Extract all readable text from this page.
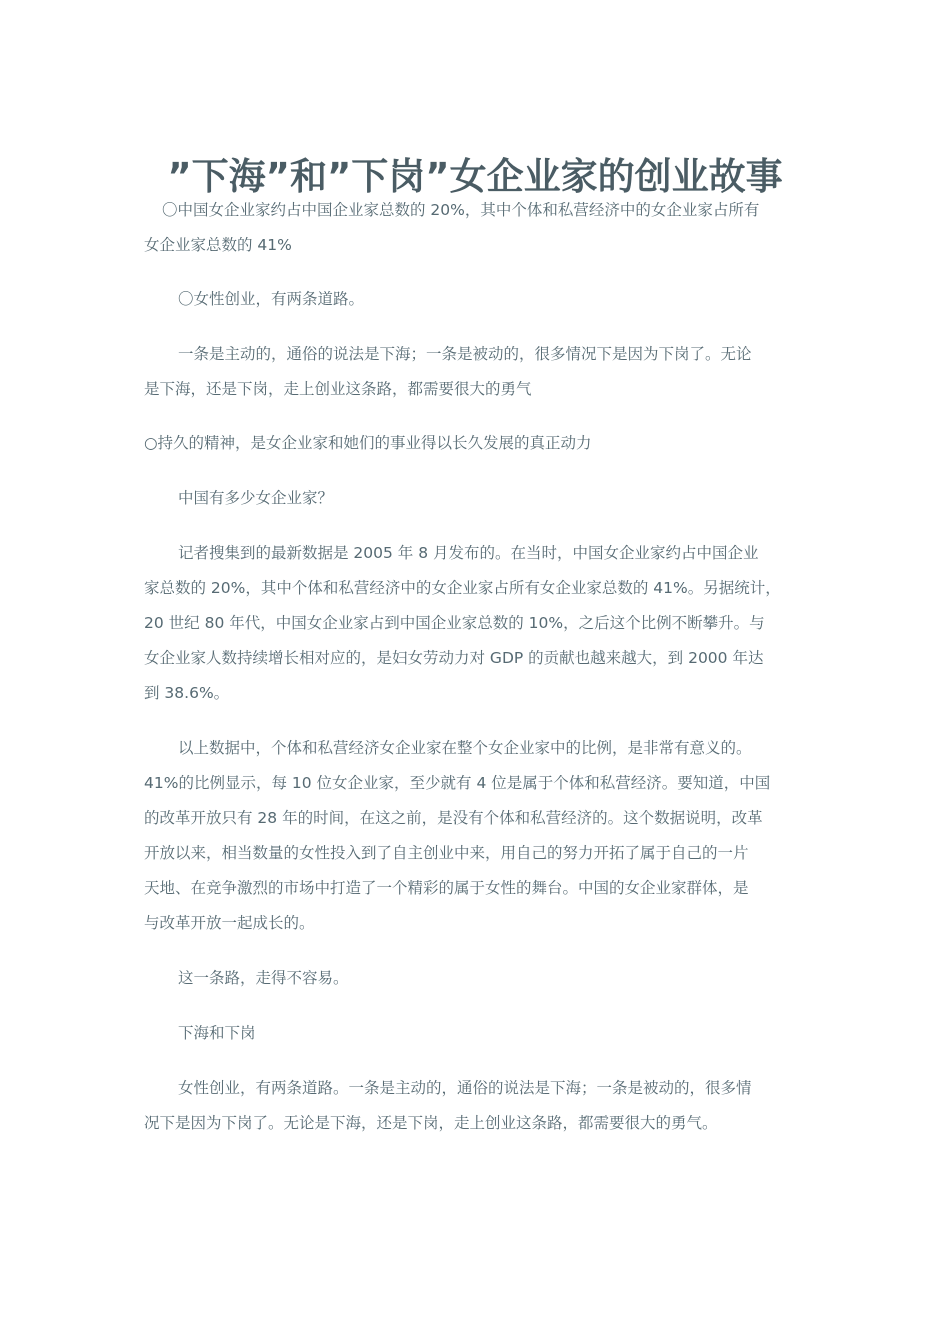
”下海”和”下岗”女企业家的创业故事

〇中国女企业家约占中国企业家总数的 20%，其中个体和私营经济中的女企业家占所有
女企业家总数的 41%

〇女性创业，有两条道路。

一条是主动的，通俗的说法是下海；一条是被动的，很多情况下是因为下岗了。无论
是下海，还是下岗，走上创业这条路，都需要很大的勇气

○持久的精神，是女企业家和她们的事业得以长久发展的真正动力

中国有多少女企业家？

记者搜集到的最新数据是 2005 年 8 月发布的。在当时，中国女企业家约占中国企业
家总数的 20%，其中个体和私营经济中的女企业家占所有女企业家总数的 41%。另据统计，
20 世纪 80 年代，中国女企业家占到中国企业家总数的 10%，之后这个比例不断攀升。与
女企业家人数持续增长相对应的，是妇女劳动力对 GDP 的贡献也越来越大，到 2000 年达
到 38.6%。

以上数据中，个体和私营经济女企业家在整个女企业家中的比例，是非常有意义的。
41%的比例显示，每 10 位女企业家，至少就有 4 位是属于个体和私营经济。要知道，中国
的改革开放只有 28 年的时间，在这之前，是没有个体和私营经济的。这个数据说明，改革
开放以来，相当数量的女性投入到了自主创业中来，用自己的努力开拓了属于自己的一片
天地、在竞争激烈的市场中打造了一个精彩的属于女性的舞台。中国的女企业家群体，是
与改革开放一起成长的。

这一条路，走得不容易。

下海和下岗

女性创业，有两条道路。一条是主动的，通俗的说法是下海；一条是被动的，很多情
况下是因为下岗了。无论是下海，还是下岗，走上创业这条路，都需要很大的勇气。
